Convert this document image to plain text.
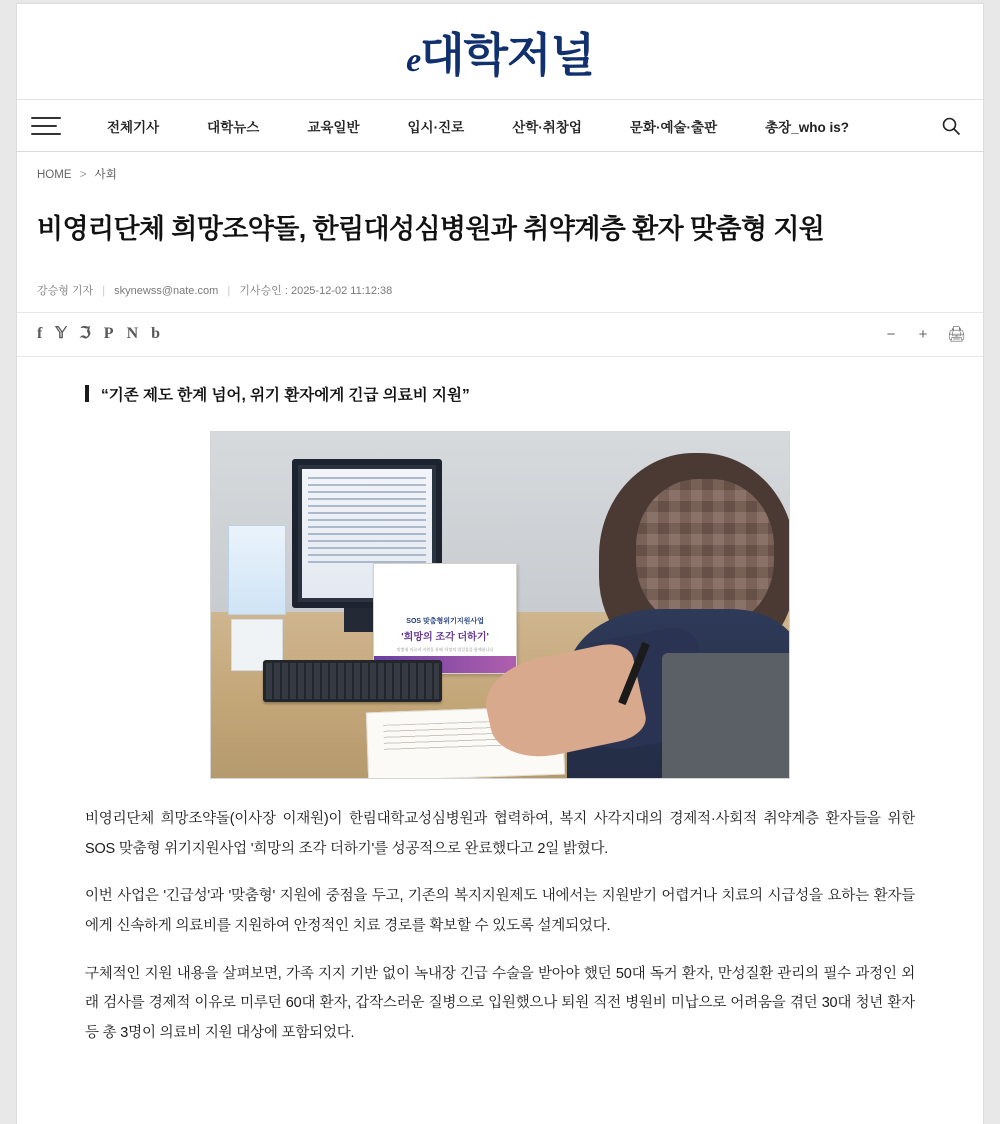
e 대학저널
전체기사	대학뉴스	교육일반	입시·진로	산학·취창업	문화·예술·출판	총장_who is?
HOME > 사회
비영리단체 희망조약돌, 한림대성심병원과 취약계층 환자 맞춤형 지원
강승형 기자 | skynewss@nate.com | 기사승인 : 2025-12-02 11:12:38
f 𝕐 ℑ P N b	− + 🖨
“기존 제도 한계 넘어, 위기 환자에게 긴급 의료비 지원”
SOS 맞춤형위기지원사업
'희망의 조각 더하기'
맞춤형 의료비 지원을 통해 '희망의 발걸음을 함께합니다

비영리단체 희망조약돌(이사장 이재원)이 한림대학교성심병원과 협력하여, 복지 사각지대의 경제적·사회적 취약계층 환자들을 위한 SOS 맞춤형 위기지원사업 '희망의 조각 더하기'를 성공적으로 완료했다고 2일 밝혔다.

이번 사업은 '긴급성'과 '맞춤형' 지원에 중점을 두고, 기존의 복지지원제도 내에서는 지원받기 어렵거나 치료의 시급성을 요하는 환자들에게 신속하게 의료비를 지원하여 안정적인 치료 경로를 확보할 수 있도록 설계되었다.

구체적인 지원 내용을 살펴보면, 가족 지지 기반 없이 녹내장 긴급 수술을 받아야 했던 50대 독거 환자, 만성질환 관리의 필수 과정인 외래 검사를 경제적 이유로 미루던 60대 환자, 갑작스러운 질병으로 입원했으나 퇴원 직전 병원비 미납으로 어려움을 겪던 30대 청년 환자 등 총 3명이 의료비 지원 대상에 포함되었다.
